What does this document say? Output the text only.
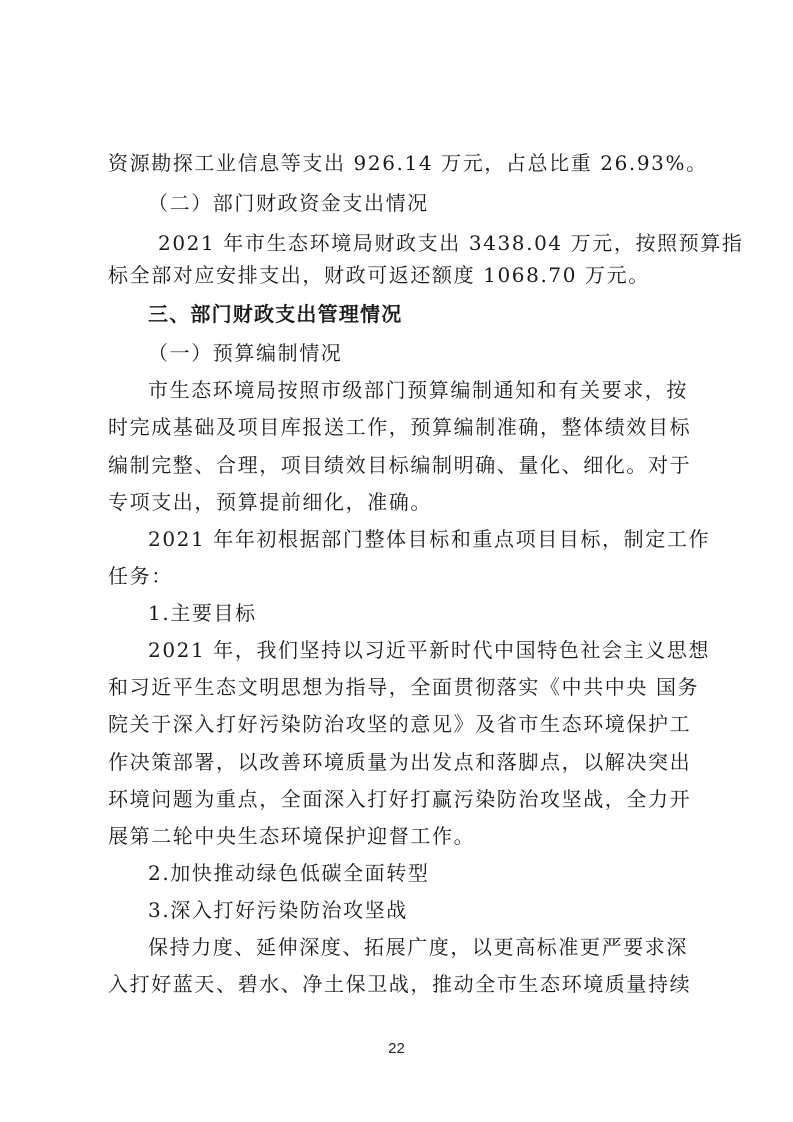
资源勘探工业信息等支出 926.14 万元，占总比重 26.93%。
（二）部门财政资金支出情况
2021 年市生态环境局财政支出 3438.04 万元，按照预算指
标全部对应安排支出，财政可返还额度 1068.70 万元。
三、部门财政支出管理情况
（一）预算编制情况
市生态环境局按照市级部门预算编制通知和有关要求，按
时完成基础及项目库报送工作，预算编制准确，整体绩效目标
编制完整、合理，项目绩效目标编制明确、量化、细化。对于
专项支出，预算提前细化，准确。
2021 年年初根据部门整体目标和重点项目目标，制定工作
任务：
1.主要目标
2021 年，我们坚持以习近平新时代中国特色社会主义思想
和习近平生态文明思想为指导，全面贯彻落实《中共中央 国务
院关于深入打好污染防治攻坚的意见》及省市生态环境保护工
作决策部署，以改善环境质量为出发点和落脚点，以解决突出
环境问题为重点，全面深入打好打赢污染防治攻坚战，全力开
展第二轮中央生态环境保护迎督工作。
2.加快推动绿色低碳全面转型
3.深入打好污染防治攻坚战
保持力度、延伸深度、拓展广度，以更高标准更严要求深
入打好蓝天、碧水、净土保卫战，推动全市生态环境质量持续
22
